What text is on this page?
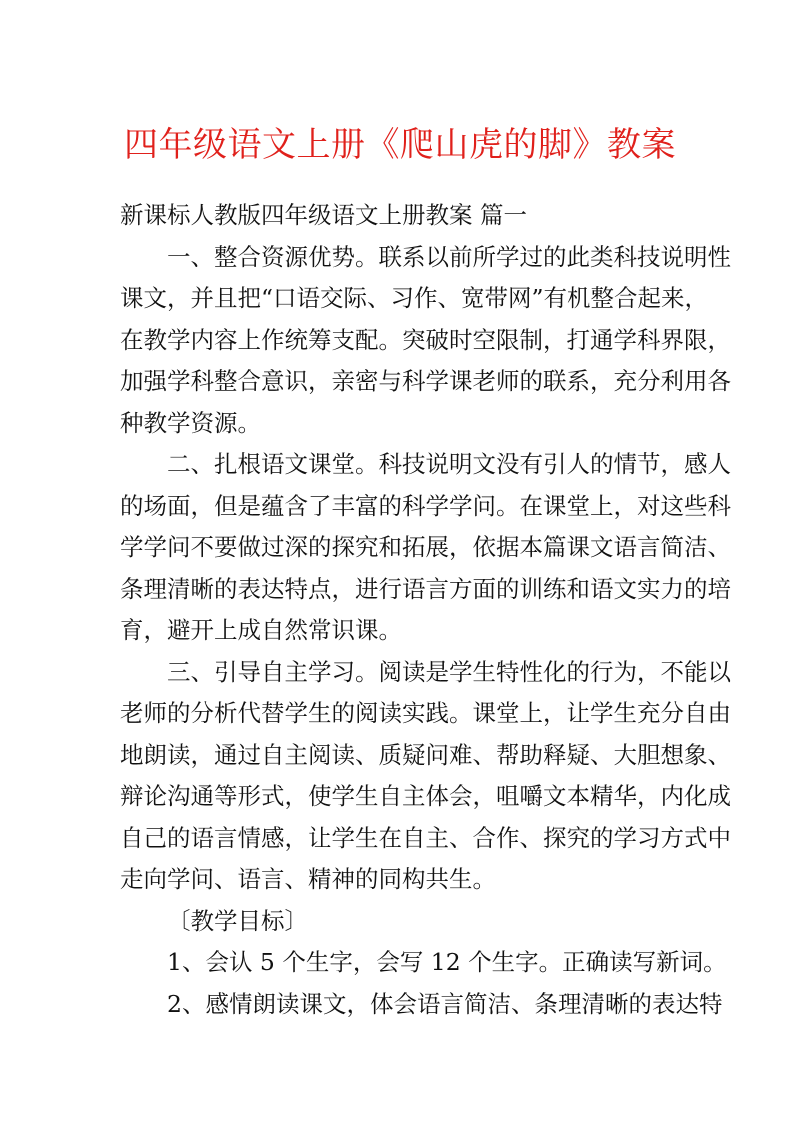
四年级语文上册《爬山虎的脚》教案

新课标人教版四年级语文上册教案 篇一

一、整合资源优势。联系以前所学过的此类科技说明性
课文，并且把“口语交际、习作、宽带网”有机整合起来，
在教学内容上作统筹支配。突破时空限制，打通学科界限，
加强学科整合意识，亲密与科学课老师的联系，充分利用各
种教学资源。

二、扎根语文课堂。科技说明文没有引人的情节，感人
的场面，但是蕴含了丰富的科学学问。在课堂上，对这些科
学学问不要做过深的探究和拓展，依据本篇课文语言简洁、
条理清晰的表达特点，进行语言方面的训练和语文实力的培
育，避开上成自然常识课。

三、引导自主学习。阅读是学生特性化的行为，不能以
老师的分析代替学生的阅读实践。课堂上，让学生充分自由
地朗读，通过自主阅读、质疑问难、帮助释疑、大胆想象、
辩论沟通等形式，使学生自主体会，咀嚼文本精华，内化成
自己的语言情感，让学生在自主、合作、探究的学习方式中
走向学问、语言、精神的同构共生。

〔教学目标〕

1、会认 5 个生字，会写 12 个生字。正确读写新词。

2、感情朗读课文，体会语言简洁、条理清晰的表达特
